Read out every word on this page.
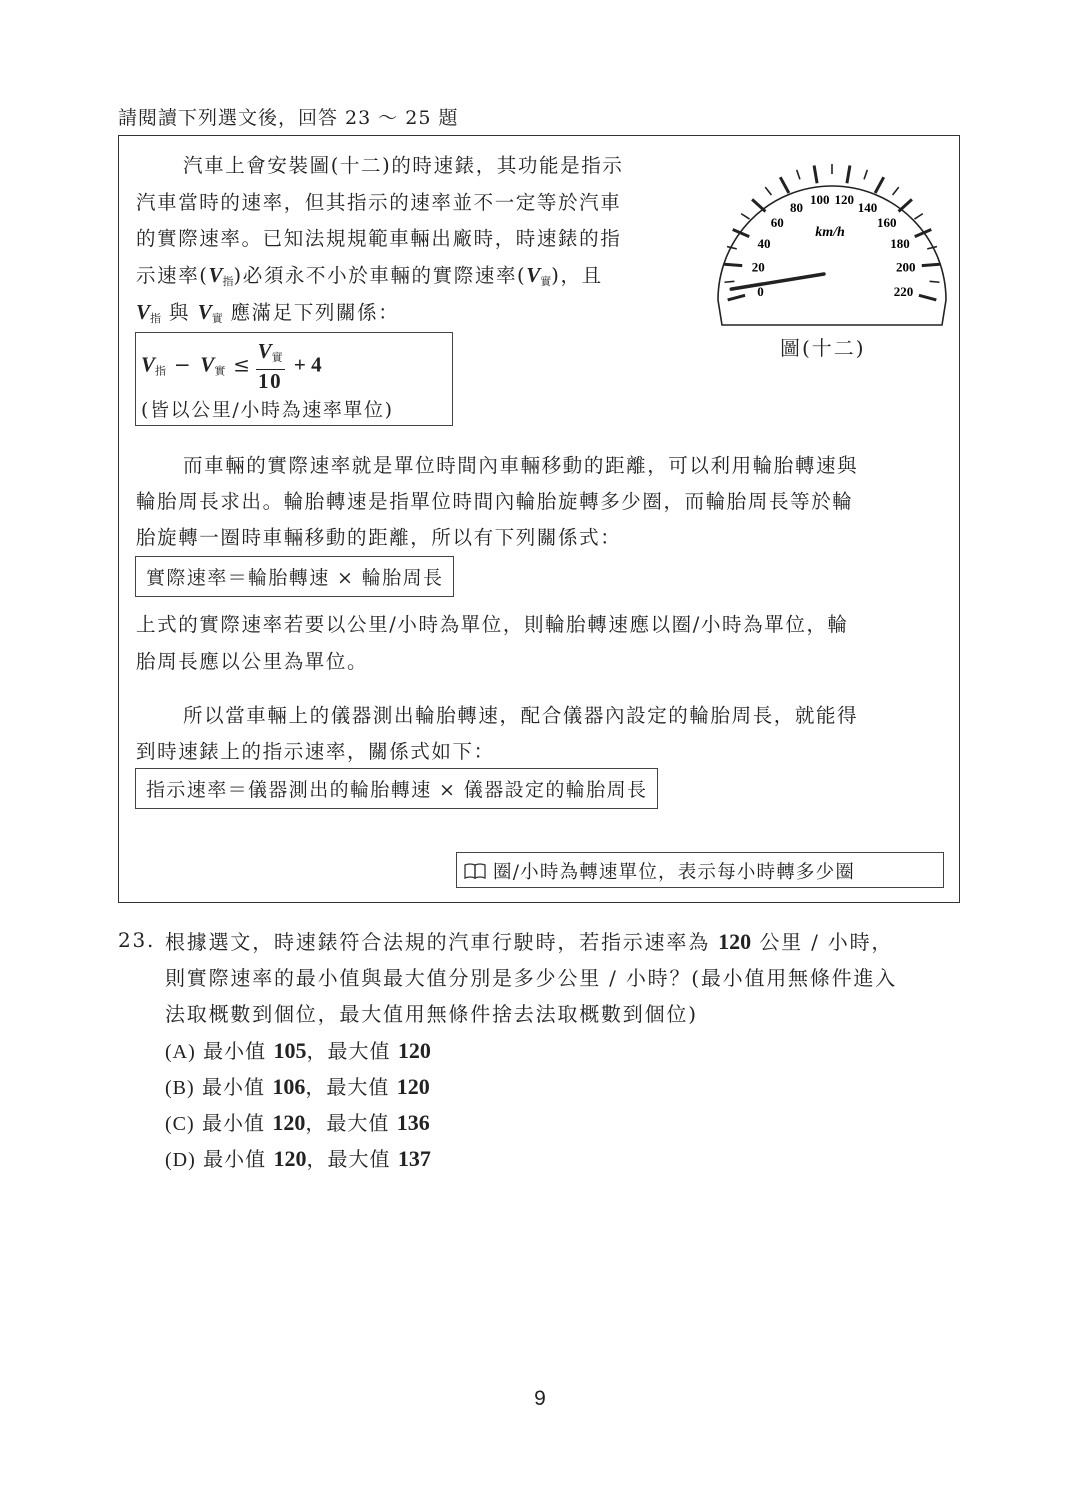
請閱讀下列選文後，回答 23 ～ 25 題
汽車上會安裝圖(十二)的時速錶，其功能是指示
汽車當時的速率，但其指示的速率並不一定等於汽車
的實際速率。已知法規規範車輛出廠時，時速錶的指
示速率$(V_指)$必須永不小於車輛的實際速率$(V_實)$，且
$V_指$ 與 $V_實$ 應滿足下列關係：
$V_指 - V_實 \le \frac{V_實}{10} + 4$
(皆以公里/小時為速率單位)
0
20
40
60
80
100 120
140
160
180
200
220
km/h
圖(十二)
而車輛的實際速率就是單位時間內車輛移動的距離，可以利用輪胎轉速與
輪胎周長求出。輪胎轉速是指單位時間內輪胎旋轉多少圈，而輪胎周長等於輪
胎旋轉一圈時車輛移動的距離，所以有下列關係式：
實際速率＝輪胎轉速 × 輪胎周長
上式的實際速率若要以公里/小時為單位，則輪胎轉速應以圈/小時為單位，輪
胎周長應以公里為單位。
所以當車輛上的儀器測出輪胎轉速，配合儀器內設定的輪胎周長，就能得
到時速錶上的指示速率，關係式如下：
指示速率＝儀器測出的輪胎轉速 × 儀器設定的輪胎周長
圈/小時為轉速單位，表示每小時轉多少圈
23. 根據選文，時速錶符合法規的汽車行駛時，若指示速率為 120 公里 / 小時，
則實際速率的最小值與最大值分別是多少公里 / 小時？(最小值用無條件進入
法取概數到個位，最大值用無條件捨去法取概數到個位)
(A) 最小值 105，最大值 120
(B) 最小值 106，最大值 120
(C) 最小值 120，最大值 136
(D) 最小值 120，最大值 137
9
